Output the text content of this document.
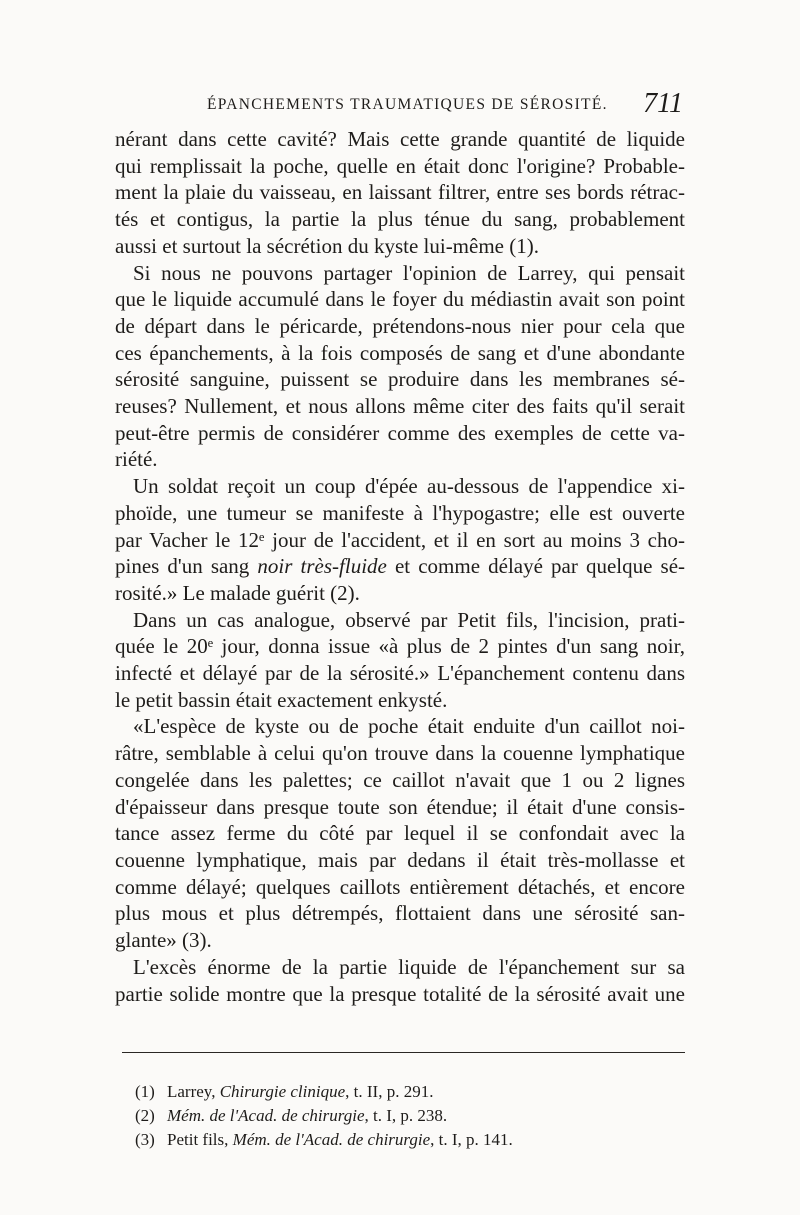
ÉPANCHEMENTS TRAUMATIQUES DE SÉROSITÉ. 711

nérant dans cette cavité? Mais cette grande quantité de liquide
qui remplissait la poche, quelle en était donc l'origine? Probable-
ment la plaie du vaisseau, en laissant filtrer, entre ses bords rétrac-
tés et contigus, la partie la plus ténue du sang, probablement
aussi et surtout la sécrétion du kyste lui-même (1).

Si nous ne pouvons partager l'opinion de Larrey, qui pensait
que le liquide accumulé dans le foyer du médiastin avait son point
de départ dans le péricarde, prétendons-nous nier pour cela que
ces épanchements, à la fois composés de sang et d'une abondante
sérosité sanguine, puissent se produire dans les membranes sé-
reuses? Nullement, et nous allons même citer des faits qu'il serait
peut-être permis de considérer comme des exemples de cette va-
riété.

Un soldat reçoit un coup d'épée au-dessous de l'appendice xi-
phoïde, une tumeur se manifeste à l'hypogastre; elle est ouverte
par Vacher le 12ᵉ jour de l'accident, et il en sort au moins 3 cho-
pines d'un sang noir très-fluide et comme délayé par quelque sé-
rosité.» Le malade guérit (2).

Dans un cas analogue, observé par Petit fils, l'incision, prati-
quée le 20ᵉ jour, donna issue «à plus de 2 pintes d'un sang noir,
infecté et délayé par de la sérosité.» L'épanchement contenu dans
le petit bassin était exactement enkysté.

«L'espèce de kyste ou de poche était enduite d'un caillot noi-
râtre, semblable à celui qu'on trouve dans la couenne lymphatique
congelée dans les palettes; ce caillot n'avait que 1 ou 2 lignes
d'épaisseur dans presque toute son étendue; il était d'une consis-
tance assez ferme du côté par lequel il se confondait avec la
couenne lymphatique, mais par dedans il était très-mollasse et
comme délayé; quelques caillots entièrement détachés, et encore
plus mous et plus détrempés, flottaient dans une sérosité san-
glante» (3).

L'excès énorme de la partie liquide de l'épanchement sur sa
partie solide montre que la presque totalité de la sérosité avait une

(1) Larrey, Chirurgie clinique, t. II, p. 291.
(2) Mém. de l'Acad. de chirurgie, t. I, p. 238.
(3) Petit fils, Mém. de l'Acad. de chirurgie, t. I, p. 141.
